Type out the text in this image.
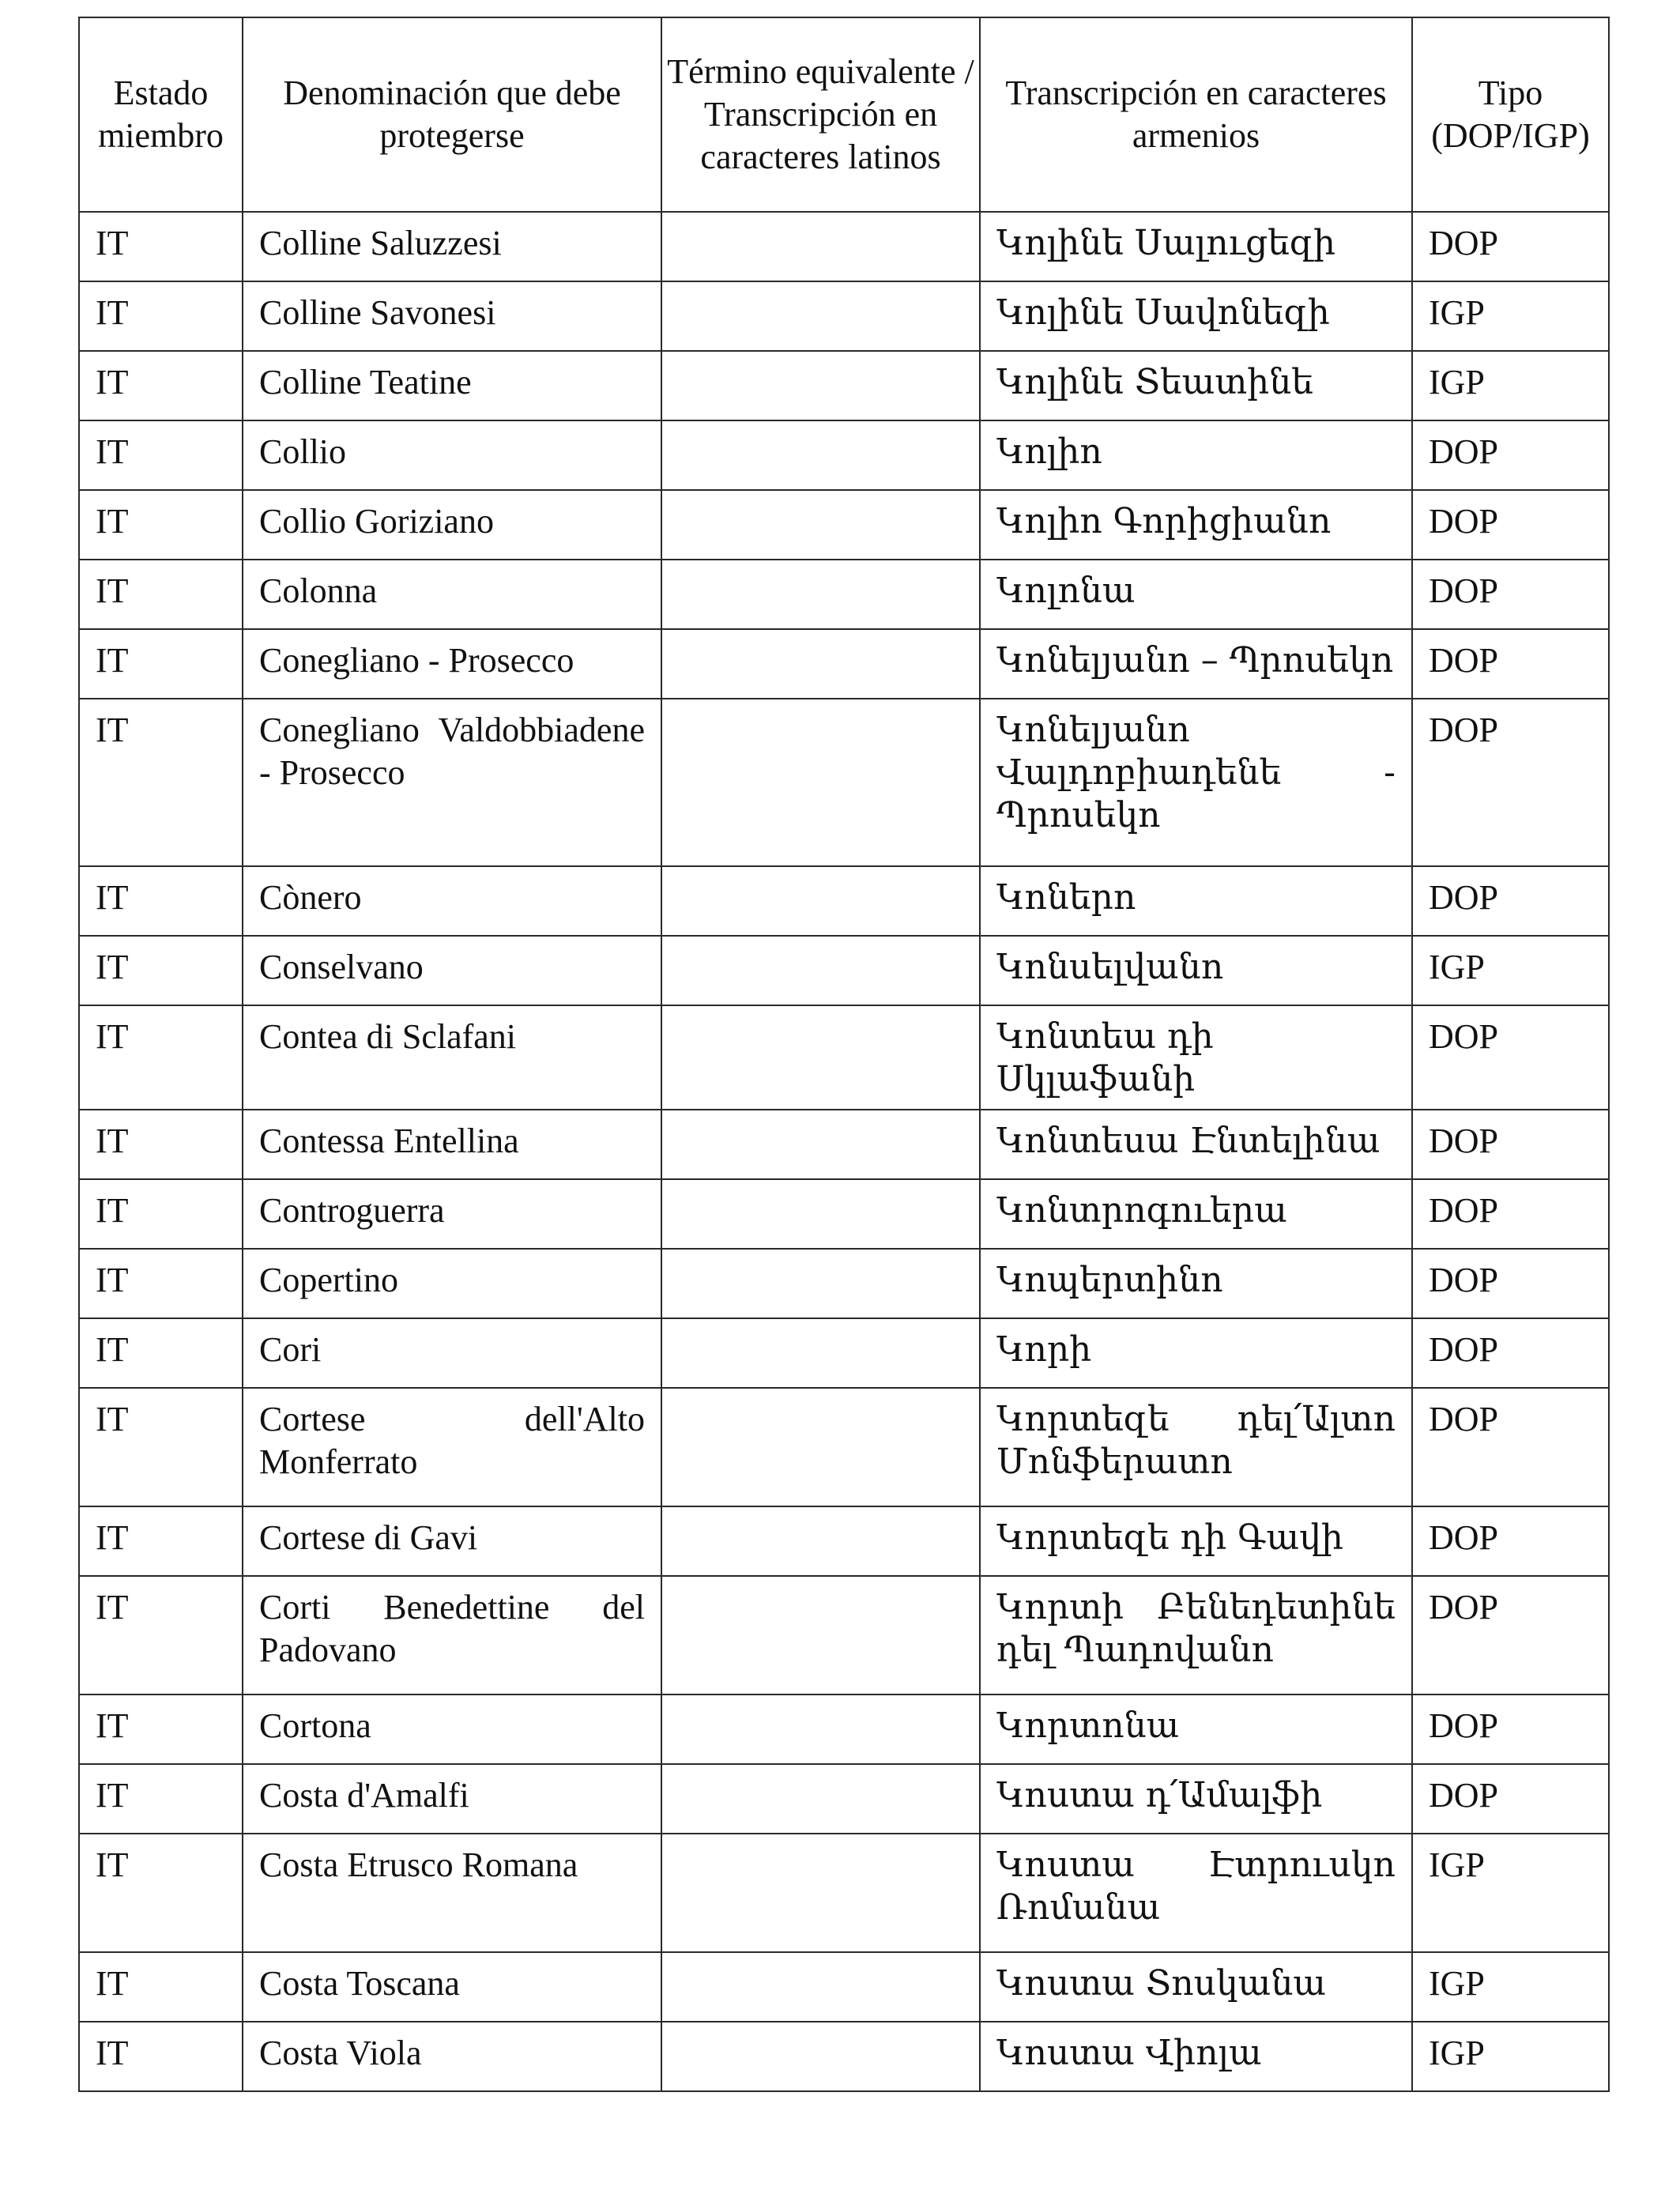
Estado miembro	Denominación que debe protegerse	Término equivalente / Transcripción en caracteres latinos	Transcripción en caracteres armenios	Tipo (DOP/IGP)
IT	Colline Saluzzesi		Կոլինե Սալուցեզի	DOP
IT	Colline Savonesi		Կոլինե Սավոնեզի	IGP
IT	Colline Teatine		Կոլինե Տեատինե	IGP
IT	Collio		Կոլիո	DOP
IT	Collio Goriziano		Կոլիո Գորիցիանո	DOP
IT	Colonna		Կոլոնա	DOP
IT	Conegliano - Prosecco		Կոնելյանո – Պրոսեկո	DOP
IT	Conegliano Valdobbiadene - Prosecco		Կոնելյանո Վալդոբիադենե - Պրոսեկո	DOP
IT	Cònero		Կոներո	DOP
IT	Conselvano		Կոնսելվանո	IGP
IT	Contea di Sclafani		Կոնտեա դի Սկլաֆանի	DOP
IT	Contessa Entellina		Կոնտեսա Էնտելինա	DOP
IT	Controguerra		Կոնտրոգուերա	DOP
IT	Copertino		Կոպերտինո	DOP
IT	Cori		Կորի	DOP
IT	Cortese dell'Alto Monferrato		Կորտեզե դել՛Ալտո Մոնֆերատո	DOP
IT	Cortese di Gavi		Կորտեզե դի Գավի	DOP
IT	Corti Benedettine del Padovano		Կորտի Բենեդետինե դել Պադովանո	DOP
IT	Cortona		Կորտոնա	DOP
IT	Costa d'Amalfi		Կոստա դ՛Ամալֆի	DOP
IT	Costa Etrusco Romana		Կոստա Էտրուսկո Ռոմանա	IGP
IT	Costa Toscana		Կոստա Տոսկանա	IGP
IT	Costa Viola		Կոստա Վիոլա	IGP
